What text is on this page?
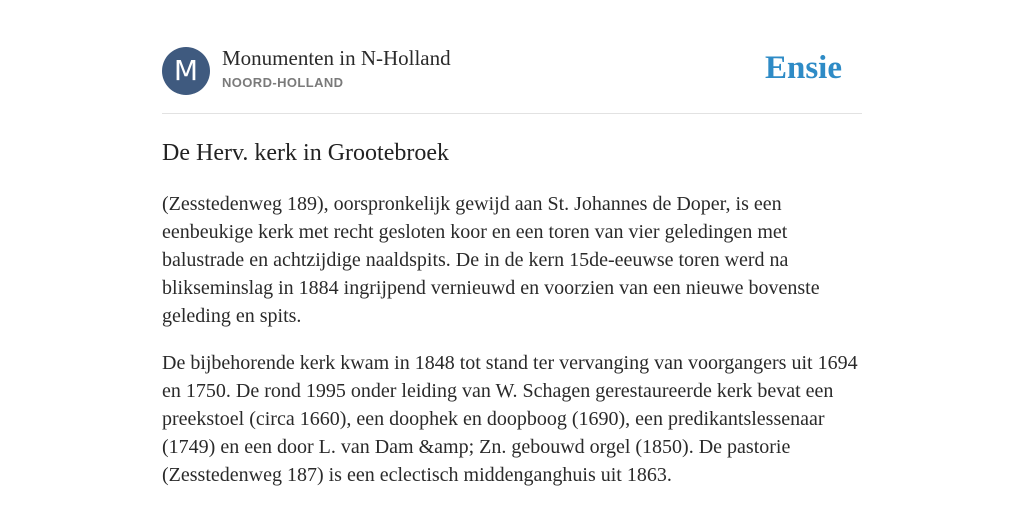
M	Monumenten in N-Holland
NOORD-HOLLAND	Ensie
De Herv. kerk in Grootebroek

(Zesstedenweg 189), oorspronkelijk gewijd aan St. Johannes de Doper, is een eenbeukige kerk met recht gesloten koor en een toren van vier geledingen met balustrade en achtzijdige naaldspits. De in de kern 15de-eeuwse toren werd na blikseminslag in 1884 ingrijpend vernieuwd en voorzien van een nieuwe bovenste geleding en spits.

De bijbehorende kerk kwam in 1848 tot stand ter vervanging van voorgangers uit 1694 en 1750. De rond 1995 onder leiding van W. Schagen gerestaureerde kerk bevat een preekstoel (circa 1660), een doophek en doopboog (1690), een predikantslessenaar (1749) en een door L. van Dam &amp; Zn. gebouwd orgel (1850). De pastorie (Zesstedenweg 187) is een eclectisch middenganghuis uit 1863.
